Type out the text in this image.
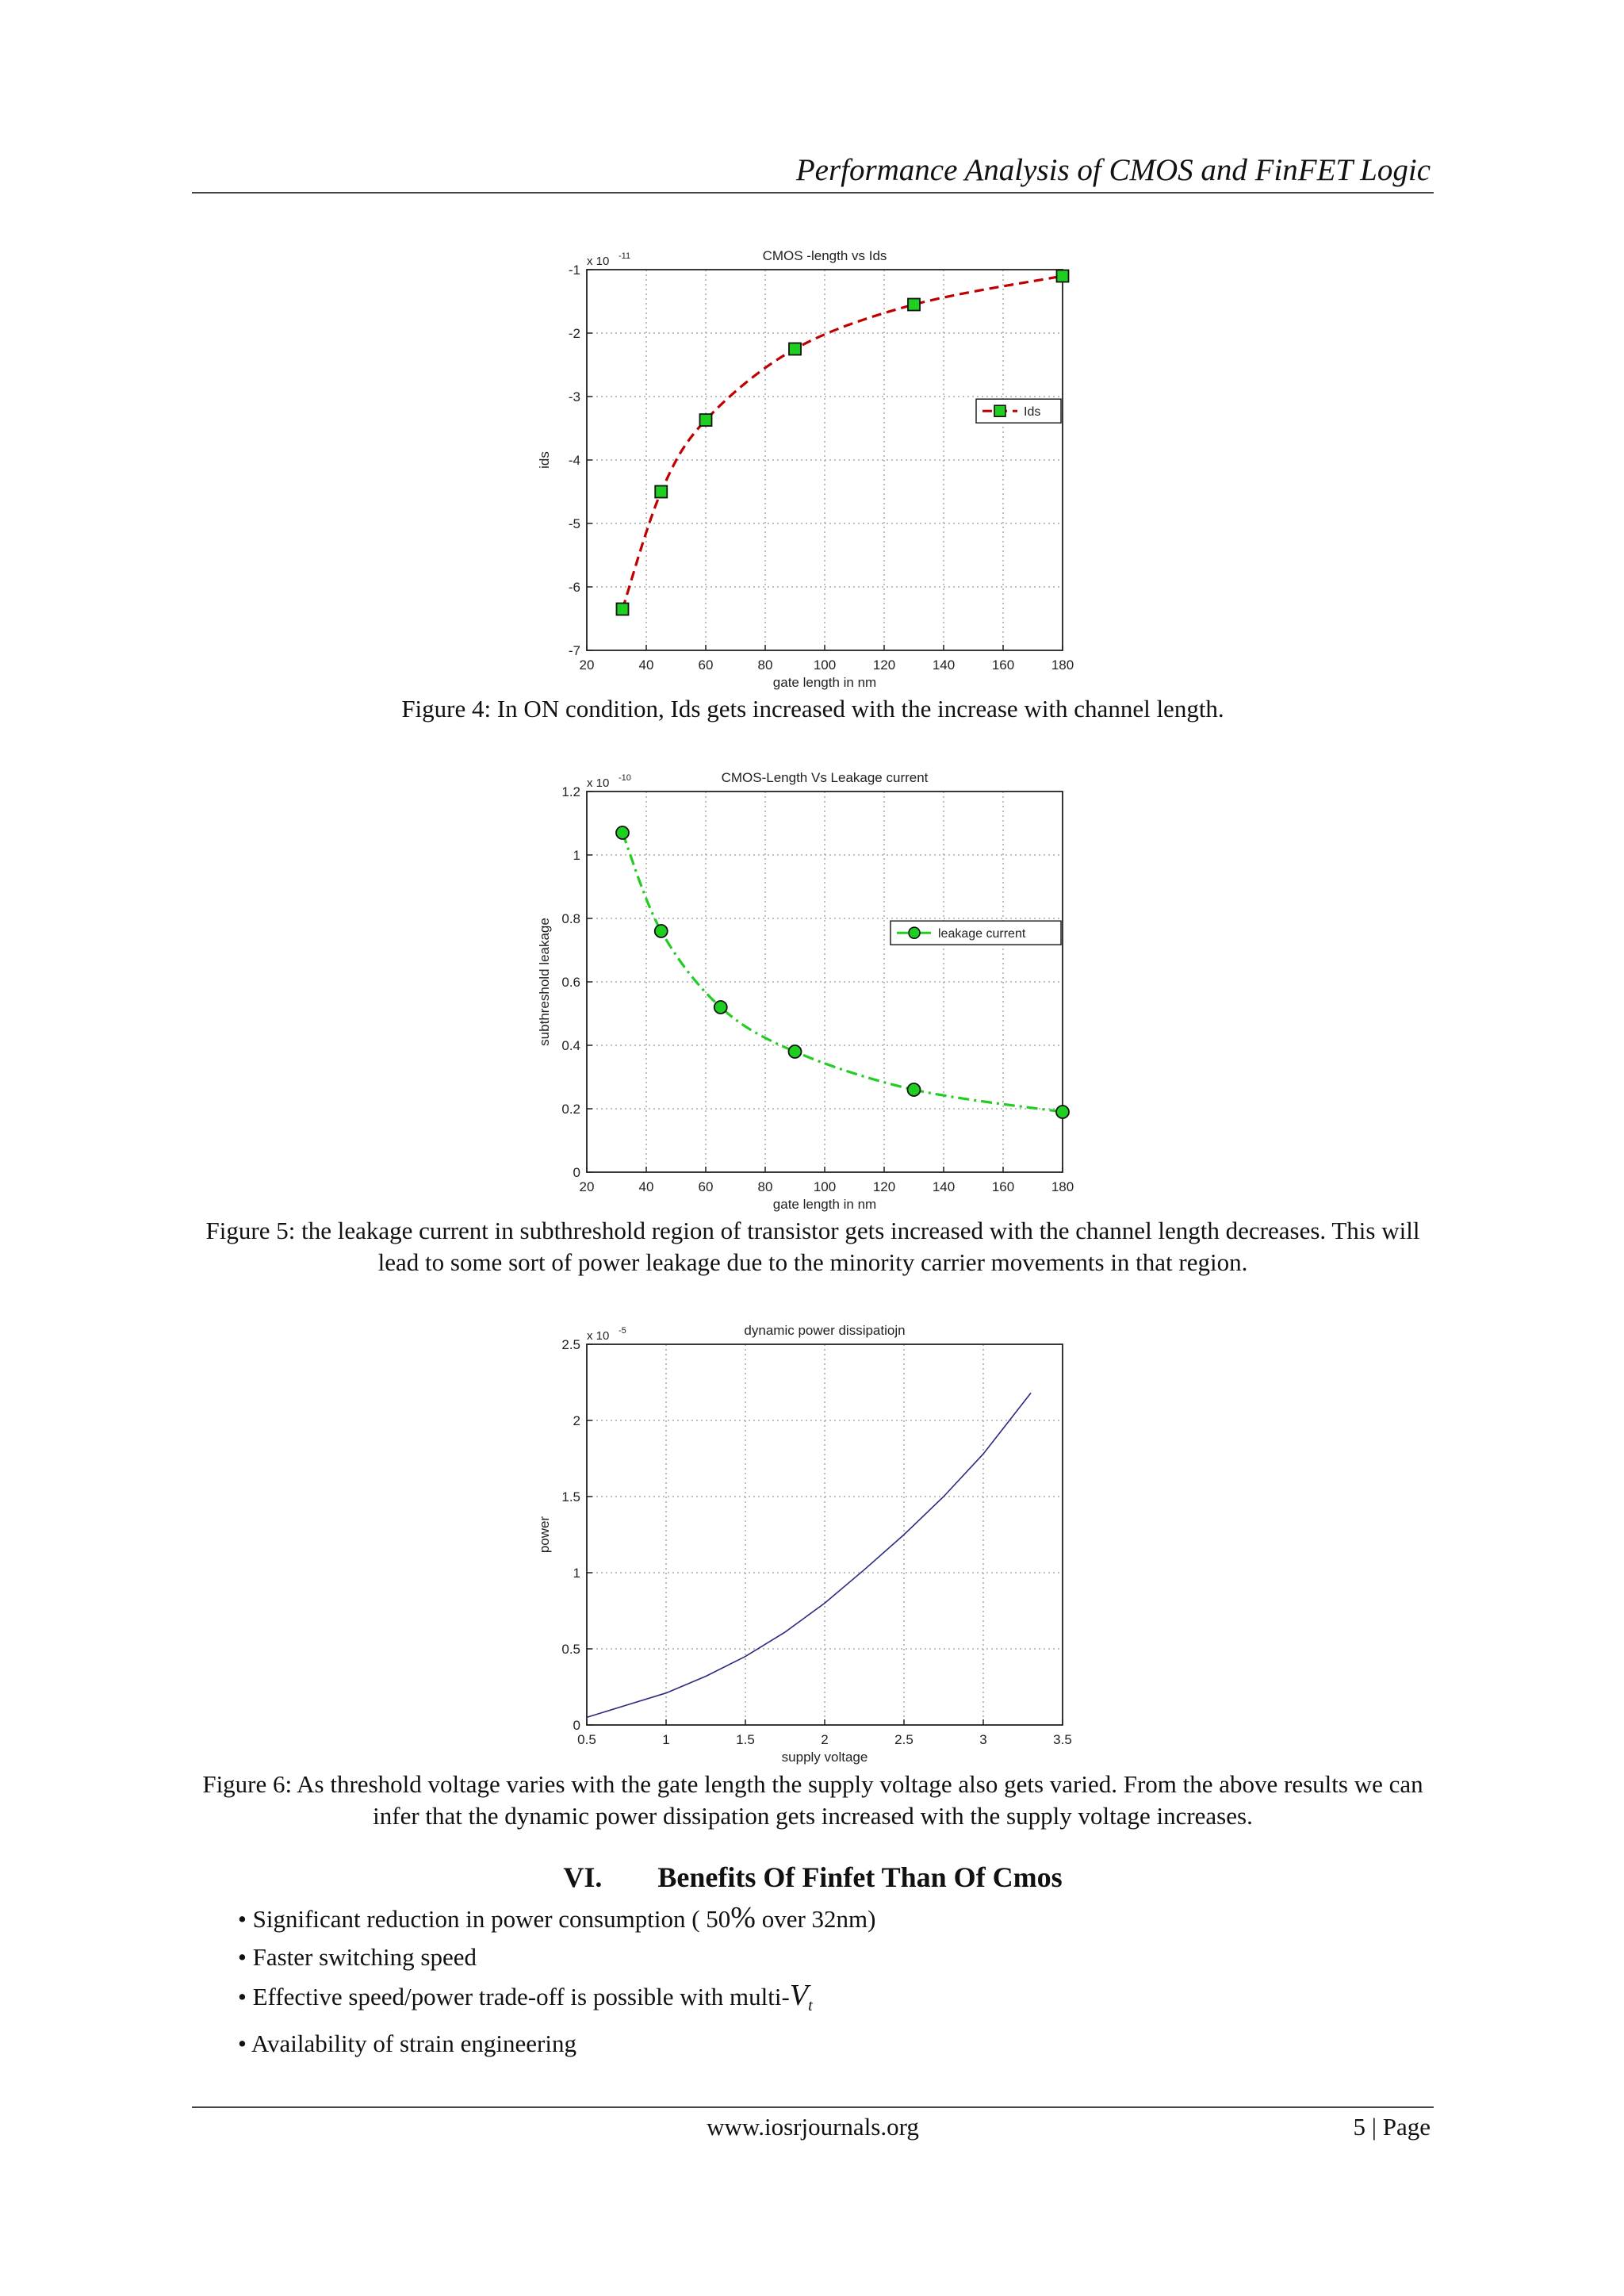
Performance Analysis of CMOS and FinFET Logic
20	40	60	80	100	120	140	160	180
-7
-6
-5
-4
-3
-2
-1
CMOS -length vs Ids
x 10 -11
gate length in nm
ids
Ids
Figure 4: In ON condition, Ids gets increased with the increase with channel length.
20	40	60	80	100	120	140	160	180
0
0.2
0.4
0.6
0.8
1
1.2
CMOS-Length Vs Leakage current
x 10 -10
gate length in nm
subthreshold leakage	leakage current
Figure 5: the leakage current in subthreshold region of transistor gets increased with the channel length decreases. This will lead to some sort of power leakage due to the minority carrier movements in that region.
0.5	1	1.5	2	2.5	3	3.5
0
0.5
1
1.5
2
2.5
dynamic power dissipatiojn
x 10 -5
supply voltage
power
Figure 6: As threshold voltage varies with the gate length the supply voltage also gets varied. From the above results we can infer that the dynamic power dissipation gets increased with the supply voltage increases.
VI. Benefits Of Finfet Than Of Cmos
• Significant reduction in power consumption ( 50% over 32nm)
• Faster switching speed
• Effective speed/power trade-off is possible with multi-$V_t$
• Availability of strain engineering
www.iosrjournals.org	5 | Page
